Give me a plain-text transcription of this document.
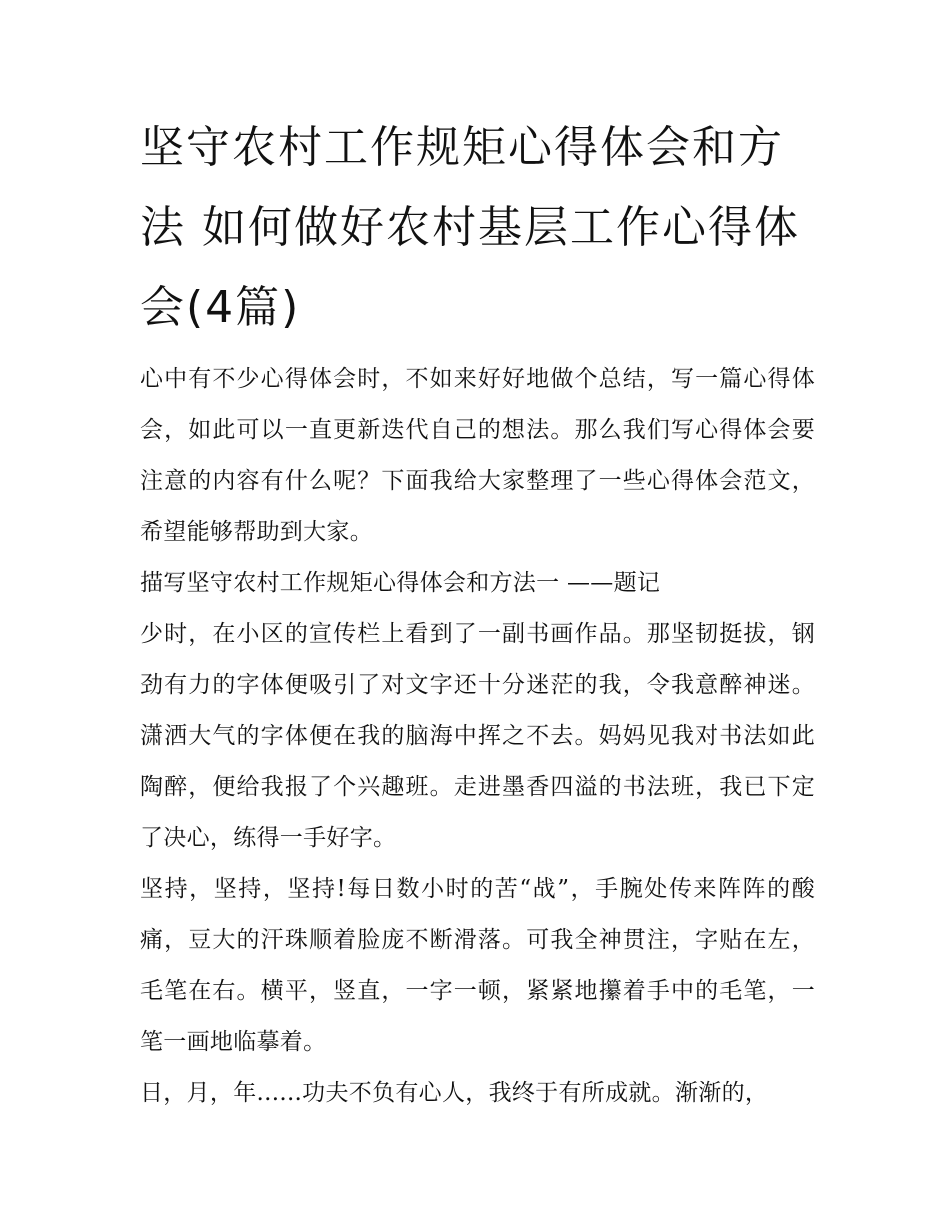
坚守农村工作规矩心得体会和方法 如何做好农村基层工作心得体会(4篇)

心中有不少心得体会时，不如来好好地做个总结，写一篇心得体会，如此可以一直更新迭代自己的想法。那么我们写心得体会要注意的内容有什么呢？下面我给大家整理了一些心得体会范文，希望能够帮助到大家。

描写坚守农村工作规矩心得体会和方法一 ——题记

少时，在小区的宣传栏上看到了一副书画作品。那坚韧挺拔，钢劲有力的字体便吸引了对文字还十分迷茫的我，令我意醉神迷。潇洒大气的字体便在我的脑海中挥之不去。妈妈见我对书法如此陶醉，便给我报了个兴趣班。走进墨香四溢的书法班，我已下定了决心，练得一手好字。

坚持，坚持，坚持!每日数小时的苦“战”，手腕处传来阵阵的酸痛，豆大的汗珠顺着脸庞不断滑落。可我全神贯注，字贴在左，毛笔在右。横平，竖直，一字一顿，紧紧地攥着手中的毛笔，一笔一画地临摹着。

日，月，年......功夫不负有心人，我终于有所成就。渐渐的，
